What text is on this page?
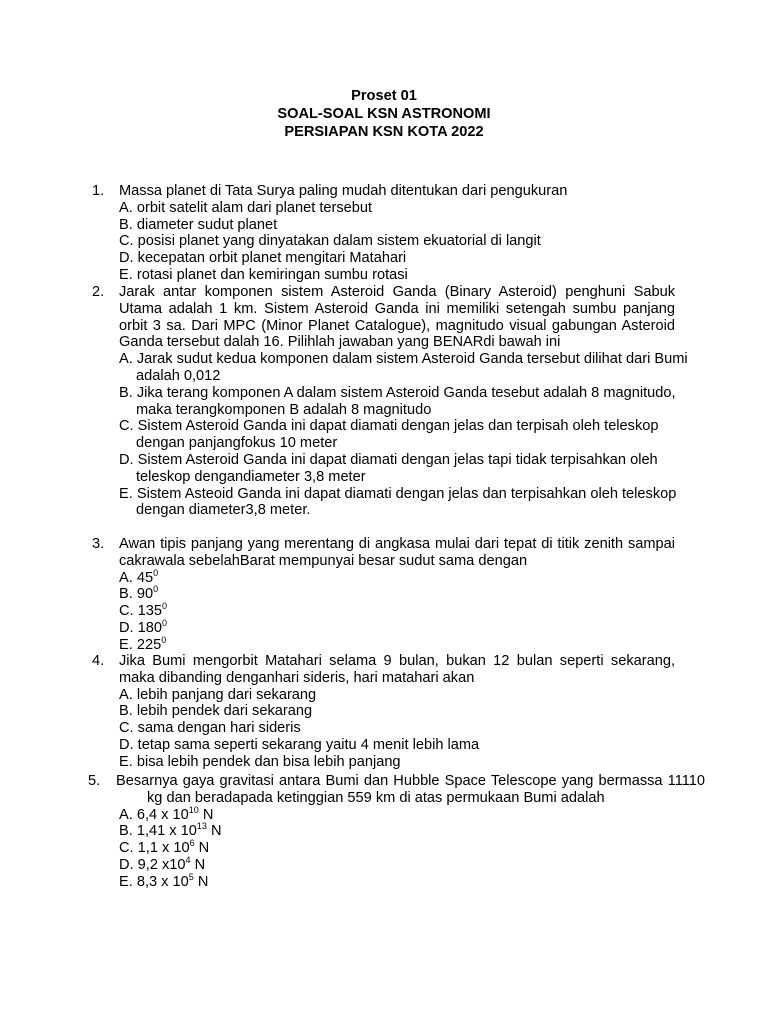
Proset 01
SOAL-SOAL KSN ASTRONOMI
PERSIAPAN KSN KOTA 2022
1. Massa planet di Tata Surya paling mudah ditentukan dari pengukuran
A. orbit satelit alam dari planet tersebut
B. diameter sudut planet
C. posisi planet yang dinyatakan dalam sistem ekuatorial di langit
D. kecepatan orbit planet mengitari Matahari
E. rotasi planet dan kemiringan sumbu rotasi
2. Jarak antar komponen sistem Asteroid Ganda (Binary Asteroid) penghuni Sabuk Utama adalah 1 km. Sistem Asteroid Ganda ini memiliki setengah sumbu panjang orbit 3 sa. Dari MPC (Minor Planet Catalogue), magnitudo visual gabungan Asteroid Ganda tersebut dalah 16. Pilihlah jawaban yang BENARdi bawah ini
A. Jarak sudut kedua komponen dalam sistem Asteroid Ganda tersebut dilihat dari Bumi adalah 0,012
B. Jika terang komponen A dalam sistem Asteroid Ganda tesebut adalah 8 magnitudo, maka terangkomponen B adalah 8 magnitudo
C. Sistem Asteroid Ganda ini dapat diamati dengan jelas dan terpisah oleh teleskop dengan panjangfokus 10 meter
D. Sistem Asteroid Ganda ini dapat diamati dengan jelas tapi tidak terpisahkan oleh teleskop dengandiameter 3,8 meter
E. Sistem Asteoid Ganda ini dapat diamati dengan jelas dan terpisahkan oleh teleskop dengan diameter3,8 meter.
3. Awan tipis panjang yang merentang di angkasa mulai dari tepat di titik zenith sampai cakrawala sebelahBarat mempunyai besar sudut sama dengan
A. $45^0$
B. $90^0$
C. $135^0$
D. $180^0$
E. $225^0$
4. Jika Bumi mengorbit Matahari selama 9 bulan, bukan 12 bulan seperti sekarang, maka dibanding denganhari sideris, hari matahari akan
A. lebih panjang dari sekarang
B. lebih pendek dari sekarang
C. sama dengan hari sideris
D. tetap sama seperti sekarang yaitu 4 menit lebih lama
E. bisa lebih pendek dan bisa lebih panjang
5. Besarnya gaya gravitasi antara Bumi dan Hubble Space Telescope yang bermassa 11110 kg dan beradapada ketinggian 559 km di atas permukaan Bumi adalah
A. 6,4 x $10^{10}$ N
B. 1,41 x $10^{13}$ N
C. 1,1 x $10^6$ N
D. 9,2 $x10^4$ N
E. 8,3 x $10^5$ N
